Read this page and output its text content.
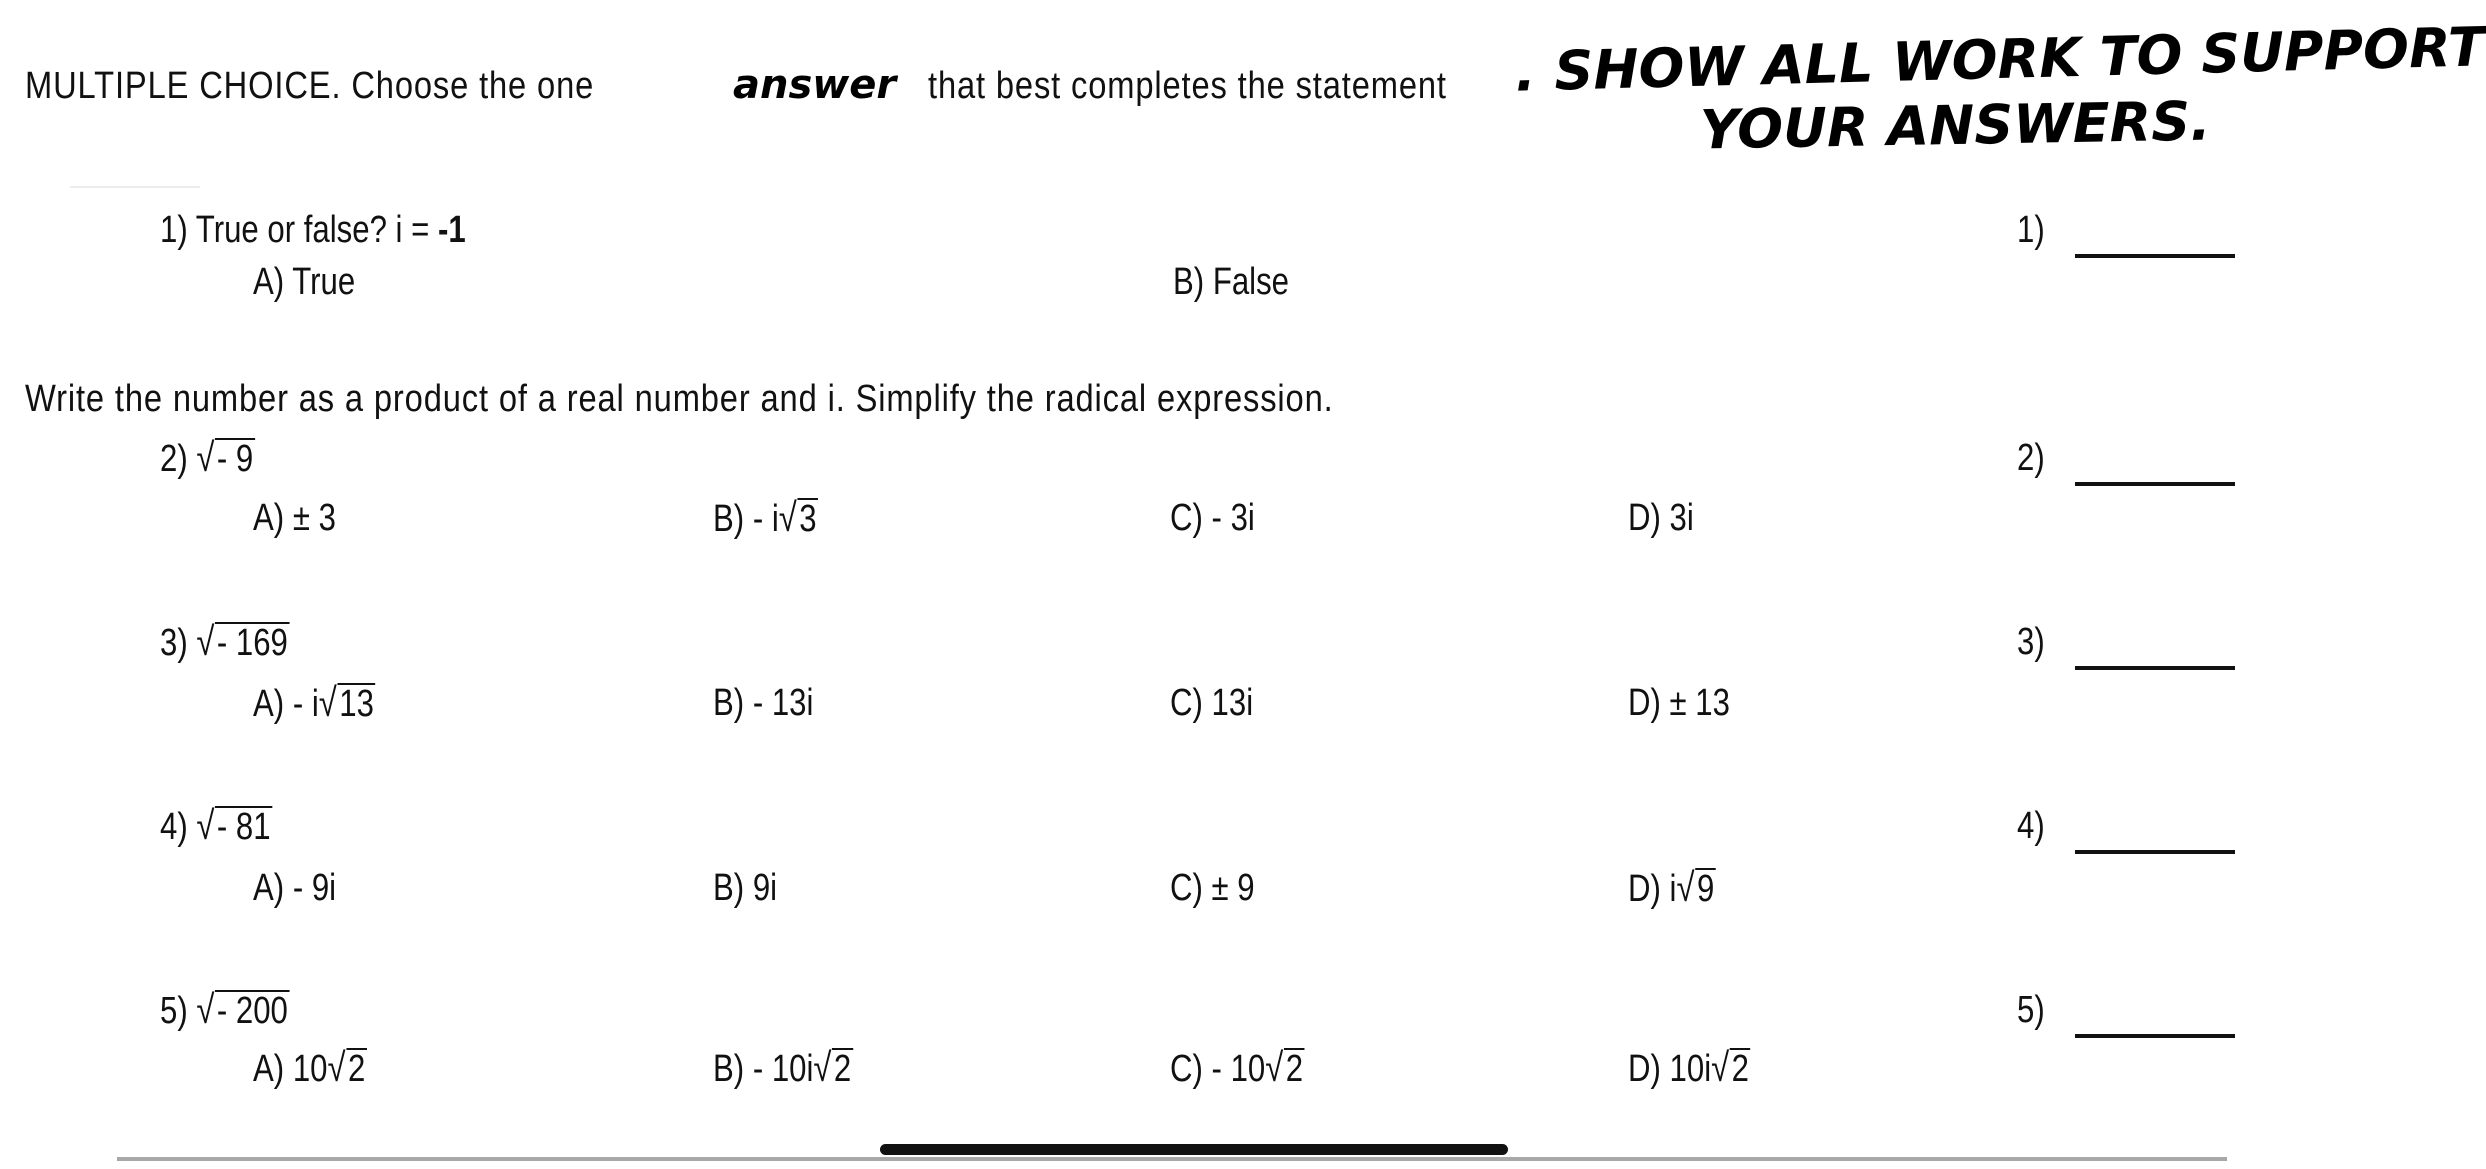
MULTIPLE CHOICE. Choose the one	answer that best completes the statement . SHOW ALL WORK TO SUPPORT
YOUR ANSWERS.
1) True or false? i = -1
A) True	B) False
1)
Write the number as a product of a real number and i. Simplify the radical expression.
2) √- 9
A) ± 3	B) - i√3	C) - 3i	D) 3i
2)
3) √- 169
A) - i√13	B) - 13i	C) 13i	D) ± 13
3)
4) √- 81
A) - 9i	B) 9i	C) ± 9	D) i√9
4)
5) √- 200
A) 10√2	B) - 10i√2	C) - 10√2	D) 10i√2
5)
